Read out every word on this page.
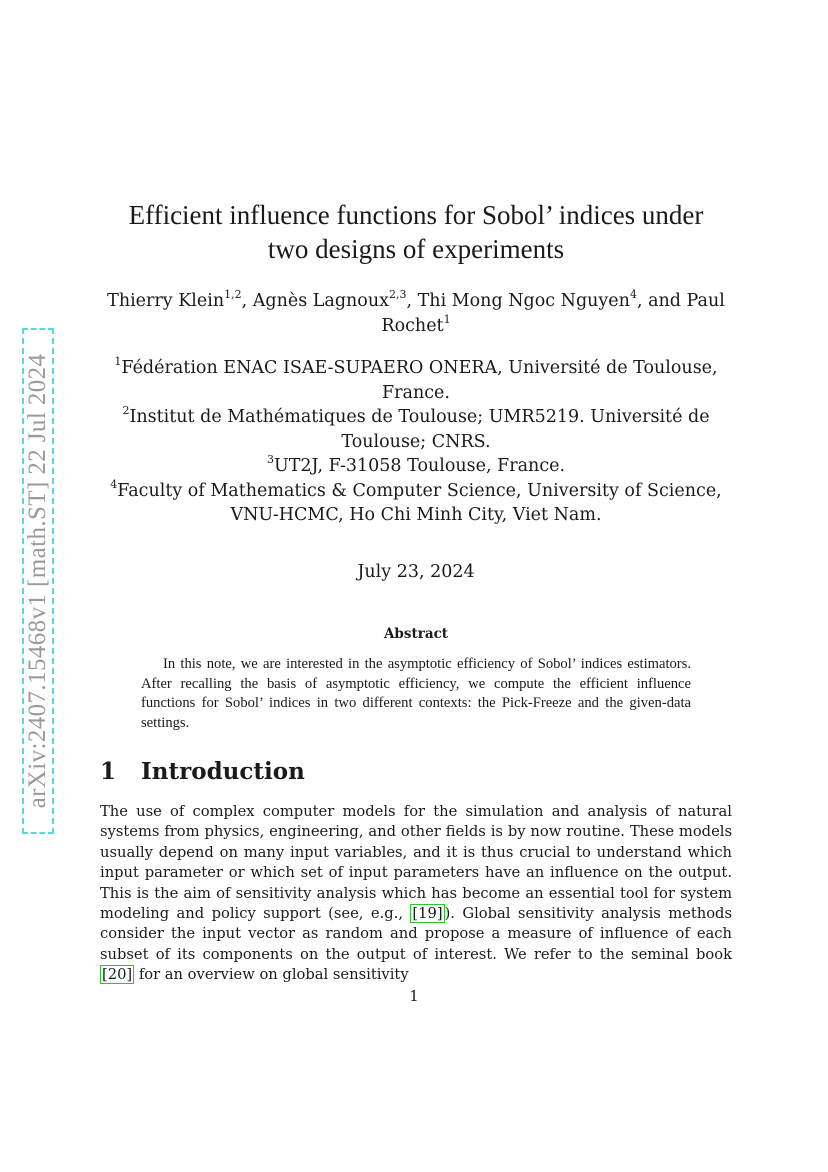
arXiv:2407.15468v1 [math.ST] 22 Jul 2024
Efficient influence functions for Sobol’ indices under
two designs of experiments
Thierry Klein$^{1,2}$, Agnès Lagnoux$^{2,3}$, Thi Mong Ngoc Nguyen$^4$, and Paul Rochet$^1$
$^1$Fédération ENAC ISAE-SUPAERO ONERA, Université de Toulouse,
France.
$^2$Institut de Mathématiques de Toulouse; UMR5219. Université de
Toulouse; CNRS.
$^3$UT2J, F-31058 Toulouse, France.
$^4$Faculty of Mathematics & Computer Science, University of Science,
VNU-HCMC, Ho Chi Minh City, Viet Nam.
July 23, 2024
Abstract
In this note, we are interested in the asymptotic efficiency of Sobol’ indices estimators. After recalling the basis of asymptotic efficiency, we compute the efficient influence functions for Sobol’ indices in two different contexts: the Pick-Freeze and the given-data settings.
1 Introduction
The use of complex computer models for the simulation and analysis of natural systems from physics, engineering, and other fields is by now routine. These models usually depend on many input variables, and it is thus crucial to understand which input parameter or which set of input parameters have an influence on the output. This is the aim of sensitivity analysis which has become an essential tool for system modeling and policy support (see, e.g., [19] ). Global sensitivity analysis methods consider the input vector as random and propose a measure of influence of each subset of its components on the output of interest. We refer to the seminal book [20] for an overview on global sensitivity
1
